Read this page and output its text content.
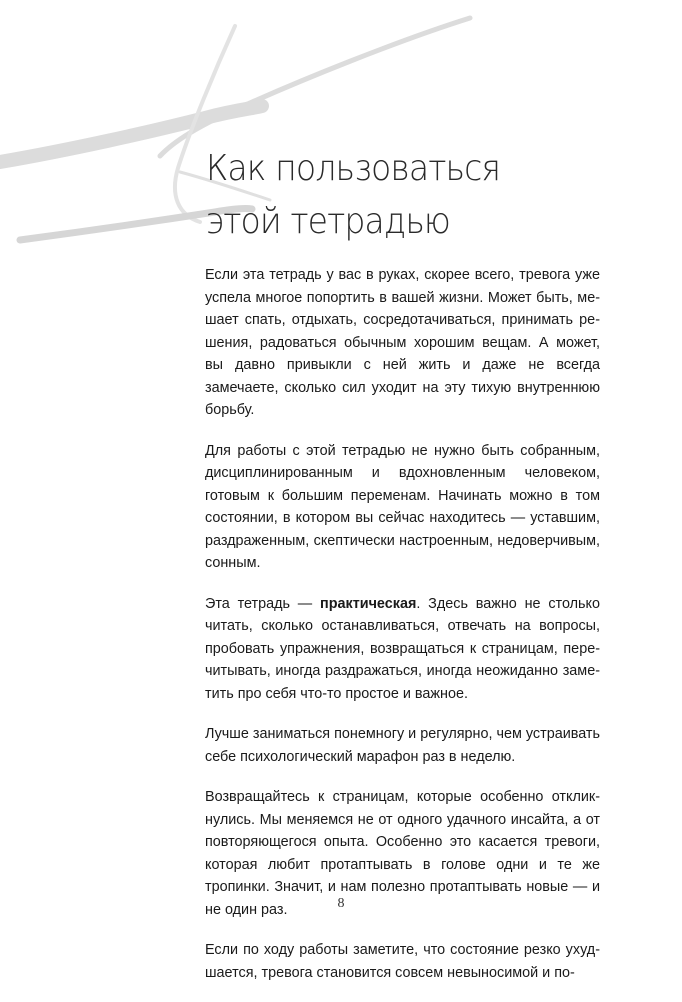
Как пользоваться
этой тетрадью

Если эта тетрадь у вас в руках, скорее всего, тревога уже успела многое попортить в вашей жизни. Может быть, мешает спать, отдыхать, сосредотачиваться, принимать решения, радоваться обычным хорошим вещам. А может, вы давно привыкли с ней жить и даже не всегда замечаете, сколько сил уходит на эту тихую внутреннюю борьбу.

Для работы с этой тетрадью не нужно быть собранным, дисциплинированным и вдохновленным человеком, готовым к большим переменам. Начинать можно в том состоянии, в котором вы сейчас находитесь — уставшим, раздраженным, скептически настроенным, недоверчивым, сонным.

Эта тетрадь — практическая. Здесь важно не столько читать, сколько останавливаться, отвечать на вопросы, пробовать упражнения, возвращаться к страницам, перечитывать, иногда раздражаться, иногда неожиданно заметить про себя что-то простое и важное.

Лучше заниматься понемногу и регулярно, чем устраивать себе психологический марафон раз в неделю.

Возвращайтесь к страницам, которые особенно откликнулись. Мы меняемся не от одного удачного инсайта, а от повторяющегося опыта. Особенно это касается тревоги, которая любит протаптывать в голове одни и те же тропинки. Значит, и нам полезно протаптывать новые — и не один раз.

Если по ходу работы заметите, что состояние резко ухудшается, тревога становится совсем невыносимой и по-

8
